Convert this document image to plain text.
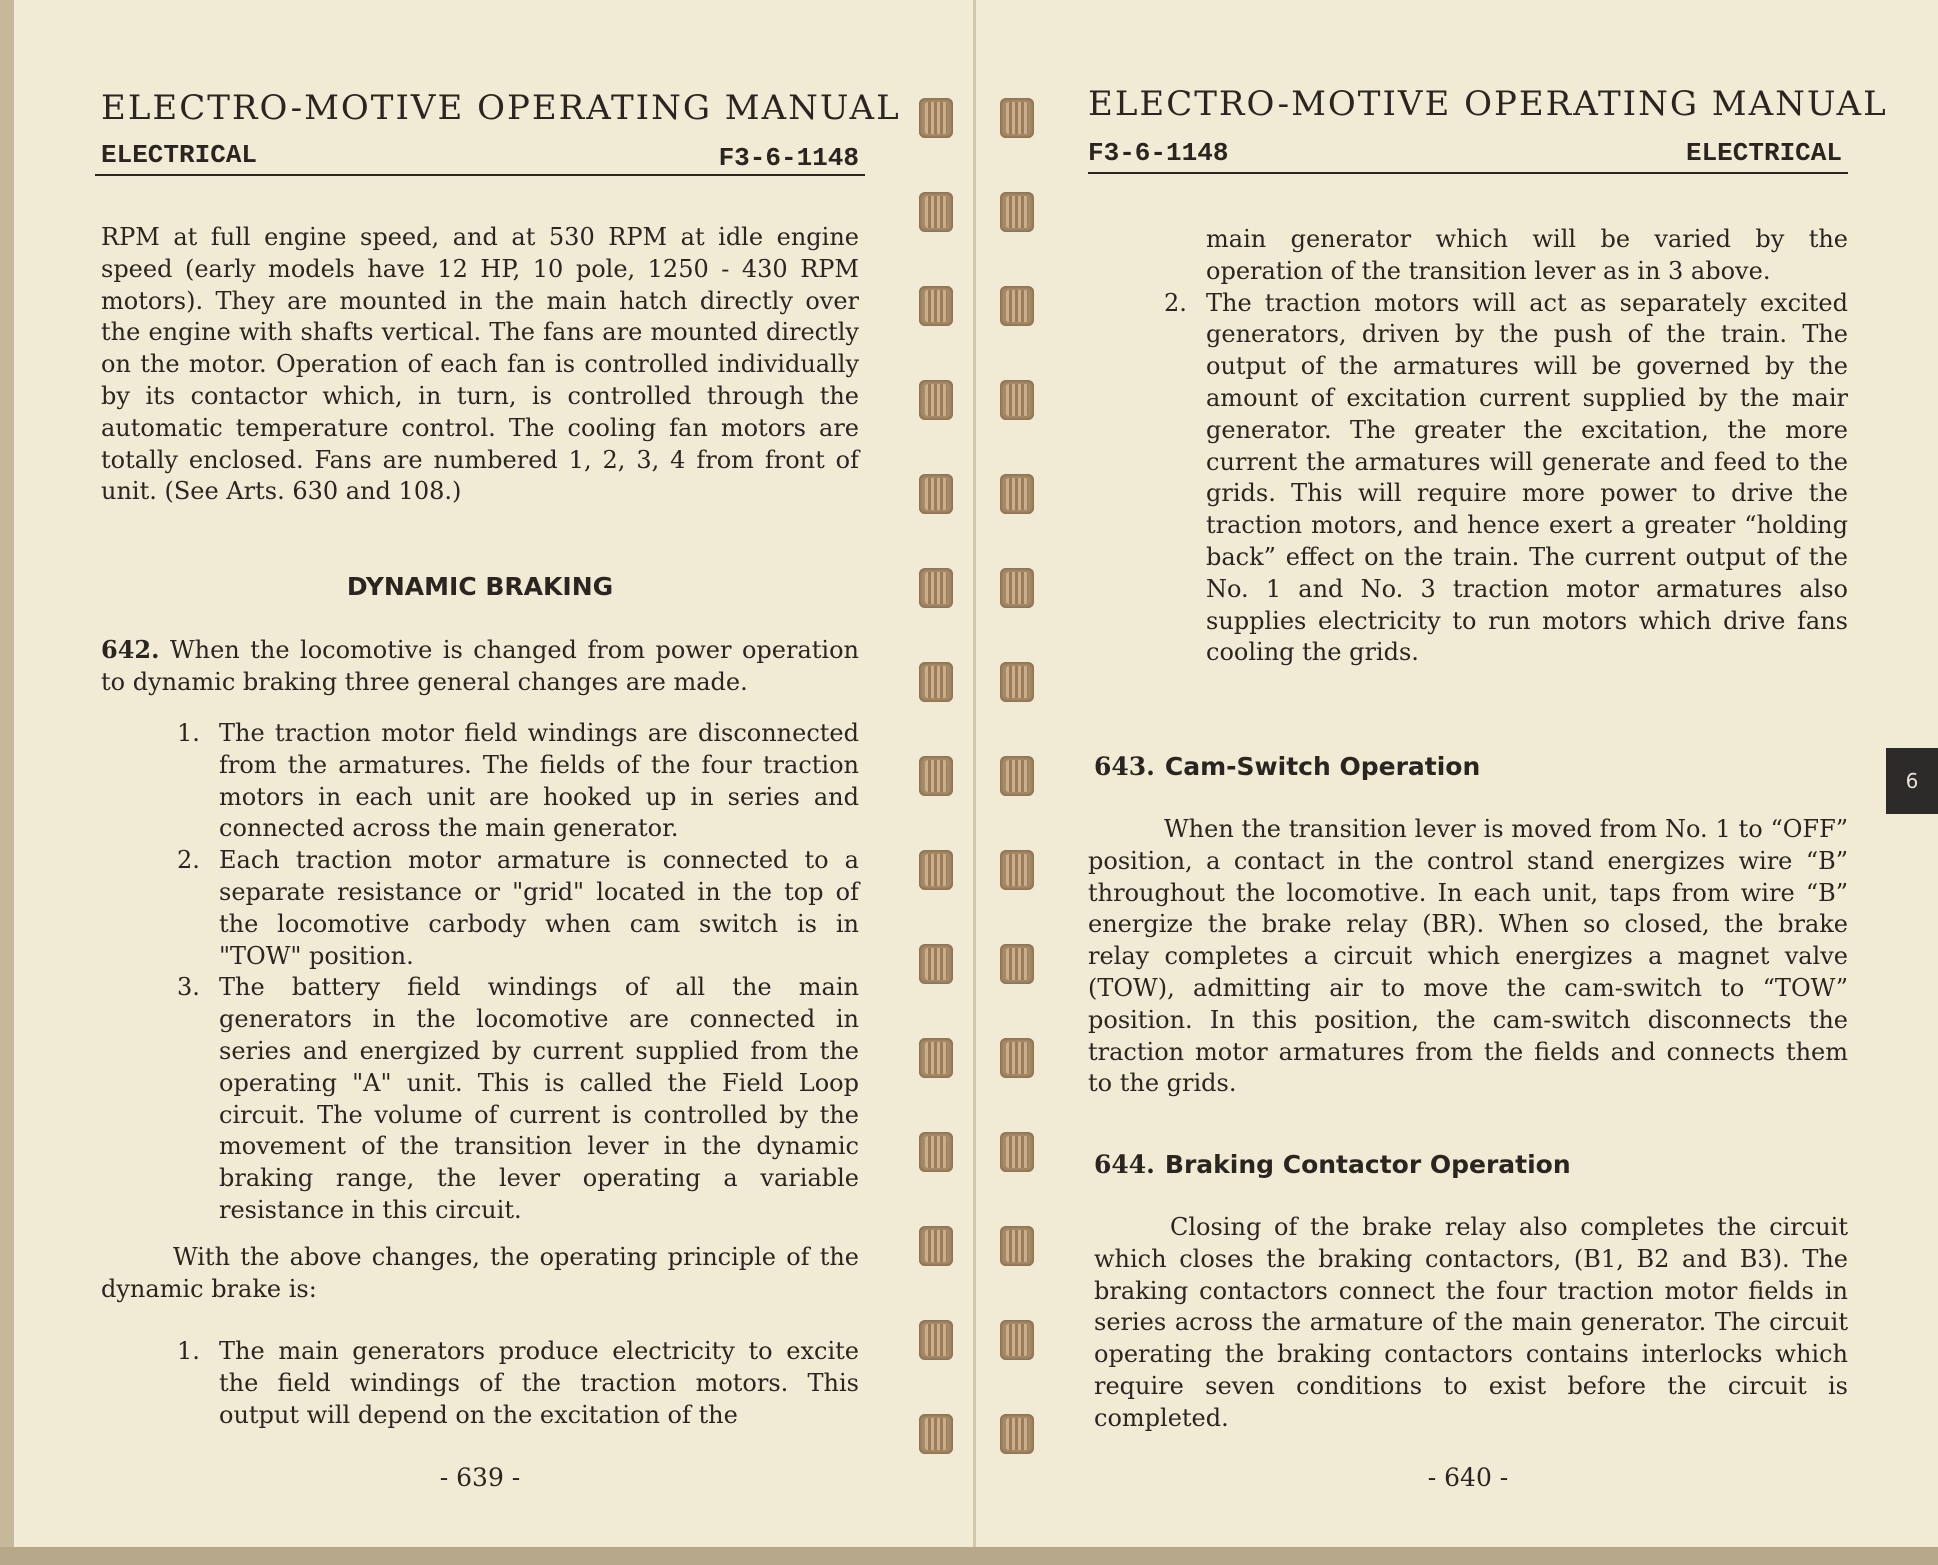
ELECTRO-MOTIVE OPERATING MANUAL
ELECTRICAL	F3-6-1148

RPM at full engine speed, and at 530 RPM at idle engine speed (early models have 12 HP, 10 pole, 1250 - 430 RPM motors). They are mounted in the main hatch directly over the engine with shafts vertical. The fans are mounted directly on the motor. Operation of each fan is controlled individually by its contactor which, in turn, is controlled through the automatic temperature control. The cooling fan motors are totally enclosed. Fans are numbered 1, 2, 3, 4 from front of unit. (See Arts. 630 and 108.)

DYNAMIC BRAKING

642. When the locomotive is changed from power operation to dynamic braking three general changes are made.

1. The traction motor field windings are disconnected from the armatures. The fields of the four traction motors in each unit are hooked up in series and connected across the main generator.
2. Each traction motor armature is connected to a separate resistance or "grid" located in the top of the locomotive carbody when cam switch is in "TOW" position.
3. The battery field windings of all the main generators in the locomotive are connected in series and energized by current supplied from the operating "A" unit. This is called the Field Loop circuit. The volume of current is controlled by the movement of the transition lever in the dynamic braking range, the lever operating a variable resistance in this circuit.

With the above changes, the operating principle of the dynamic brake is:

1. The main generators produce electricity to excite the field windings of the traction motors. This output will depend on the excitation of the
- 639 -
ELECTRO-MOTIVE OPERATING MANUAL
F3-6-1148	ELECTRICAL
main generator which will be varied by the operation of the transition lever as in 3 above.
2. The traction motors will act as separately excited generators, driven by the push of the train. The output of the armatures will be governed by the amount of excitation current supplied by the mair generator. The greater the excitation, the more current the armatures will generate and feed to the grids. This will require more power to drive the traction motors, and hence exert a greater “holding back” effect on the train. The current output of the No. 1 and No. 3 traction motor armatures also supplies electricity to run motors which drive fans cooling the grids.
643. Cam-Switch Operation

When the transition lever is moved from No. 1 to “OFF” position, a contact in the control stand energizes wire “B” throughout the locomotive. In each unit, taps from wire “B” energize the brake relay (BR). When so closed, the brake relay completes a circuit which energizes a magnet valve (TOW), admitting air to move the cam-switch to “TOW” position. In this position, the cam-switch disconnects the traction motor armatures from the fields and connects them to the grids.

644. Braking Contactor Operation

Closing of the brake relay also completes the circuit which closes the braking contactors, (B1, B2 and B3). The braking contactors connect the four traction motor fields in series across the armature of the main generator. The circuit operating the braking contactors contains interlocks which require seven conditions to exist before the circuit is completed.

- 640 -
6
